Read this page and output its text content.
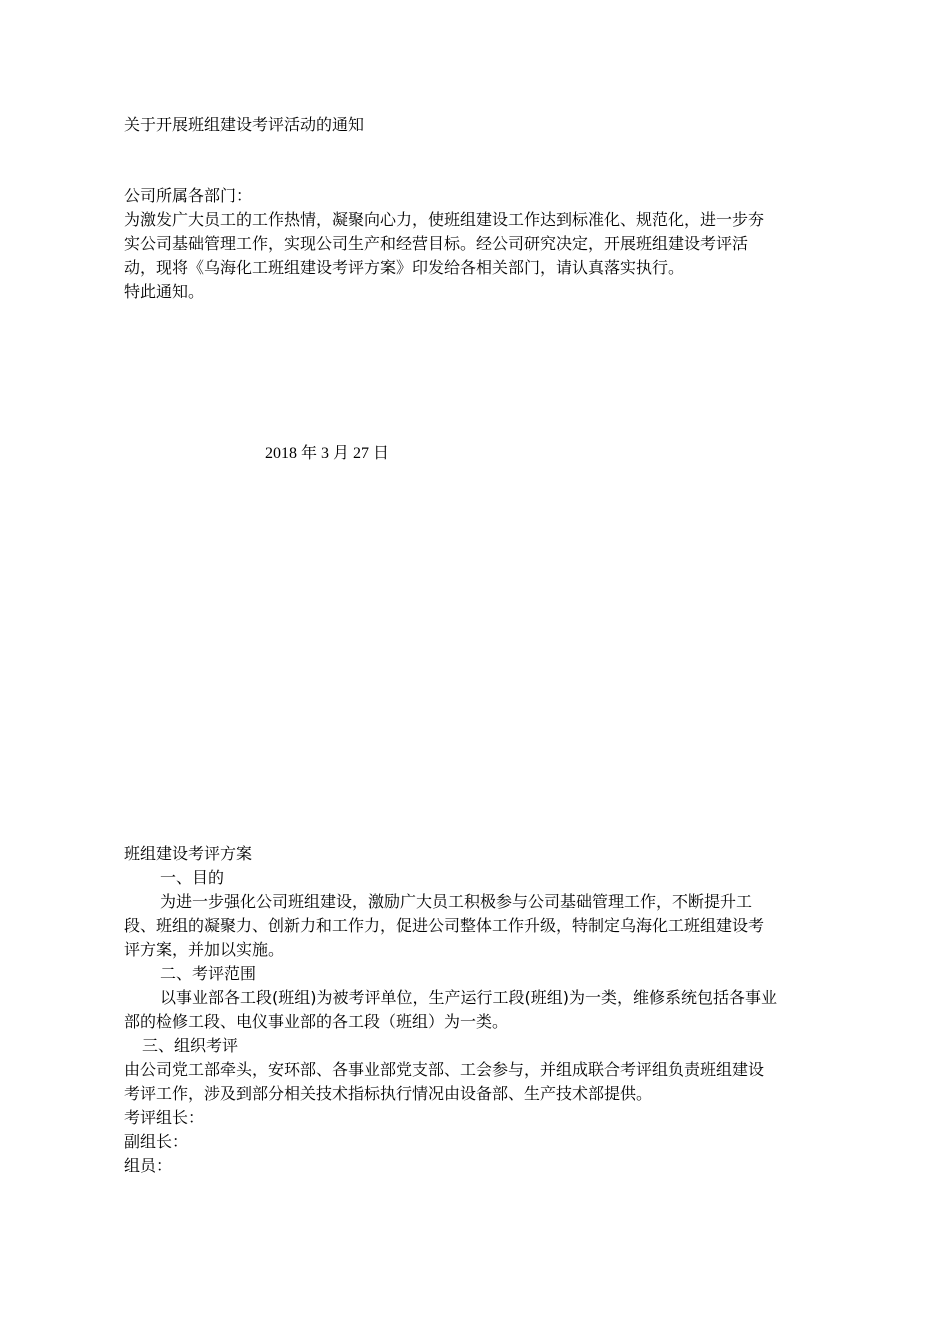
关于开展班组建设考评活动的通知
公司所属各部门：
为激发广大员工的工作热情，凝聚向心力，使班组建设工作达到标准化、规范化，进一步夯
实公司基础管理工作，实现公司生产和经营目标。经公司研究决定，开展班组建设考评活
动，现将《乌海化工班组建设考评方案》印发给各相关部门，请认真落实执行。
特此通知。
2018 年 3 月 27 日
班组建设考评方案
一、目的
为进一步强化公司班组建设，激励广大员工积极参与公司基础管理工作，不断提升工
段、班组的凝聚力、创新力和工作力，促进公司整体工作升级，特制定乌海化工班组建设考
评方案，并加以实施。
二、考评范围
以事业部各工段(班组)为被考评单位，生产运行工段(班组)为一类，维修系统包括各事业
部的检修工段、电仪事业部的各工段（班组）为一类。
三、组织考评
由公司党工部牵头，安环部、各事业部党支部、工会参与，并组成联合考评组负责班组建设
考评工作，涉及到部分相关技术指标执行情况由设备部、生产技术部提供。
考评组长：
副组长：
组员：
